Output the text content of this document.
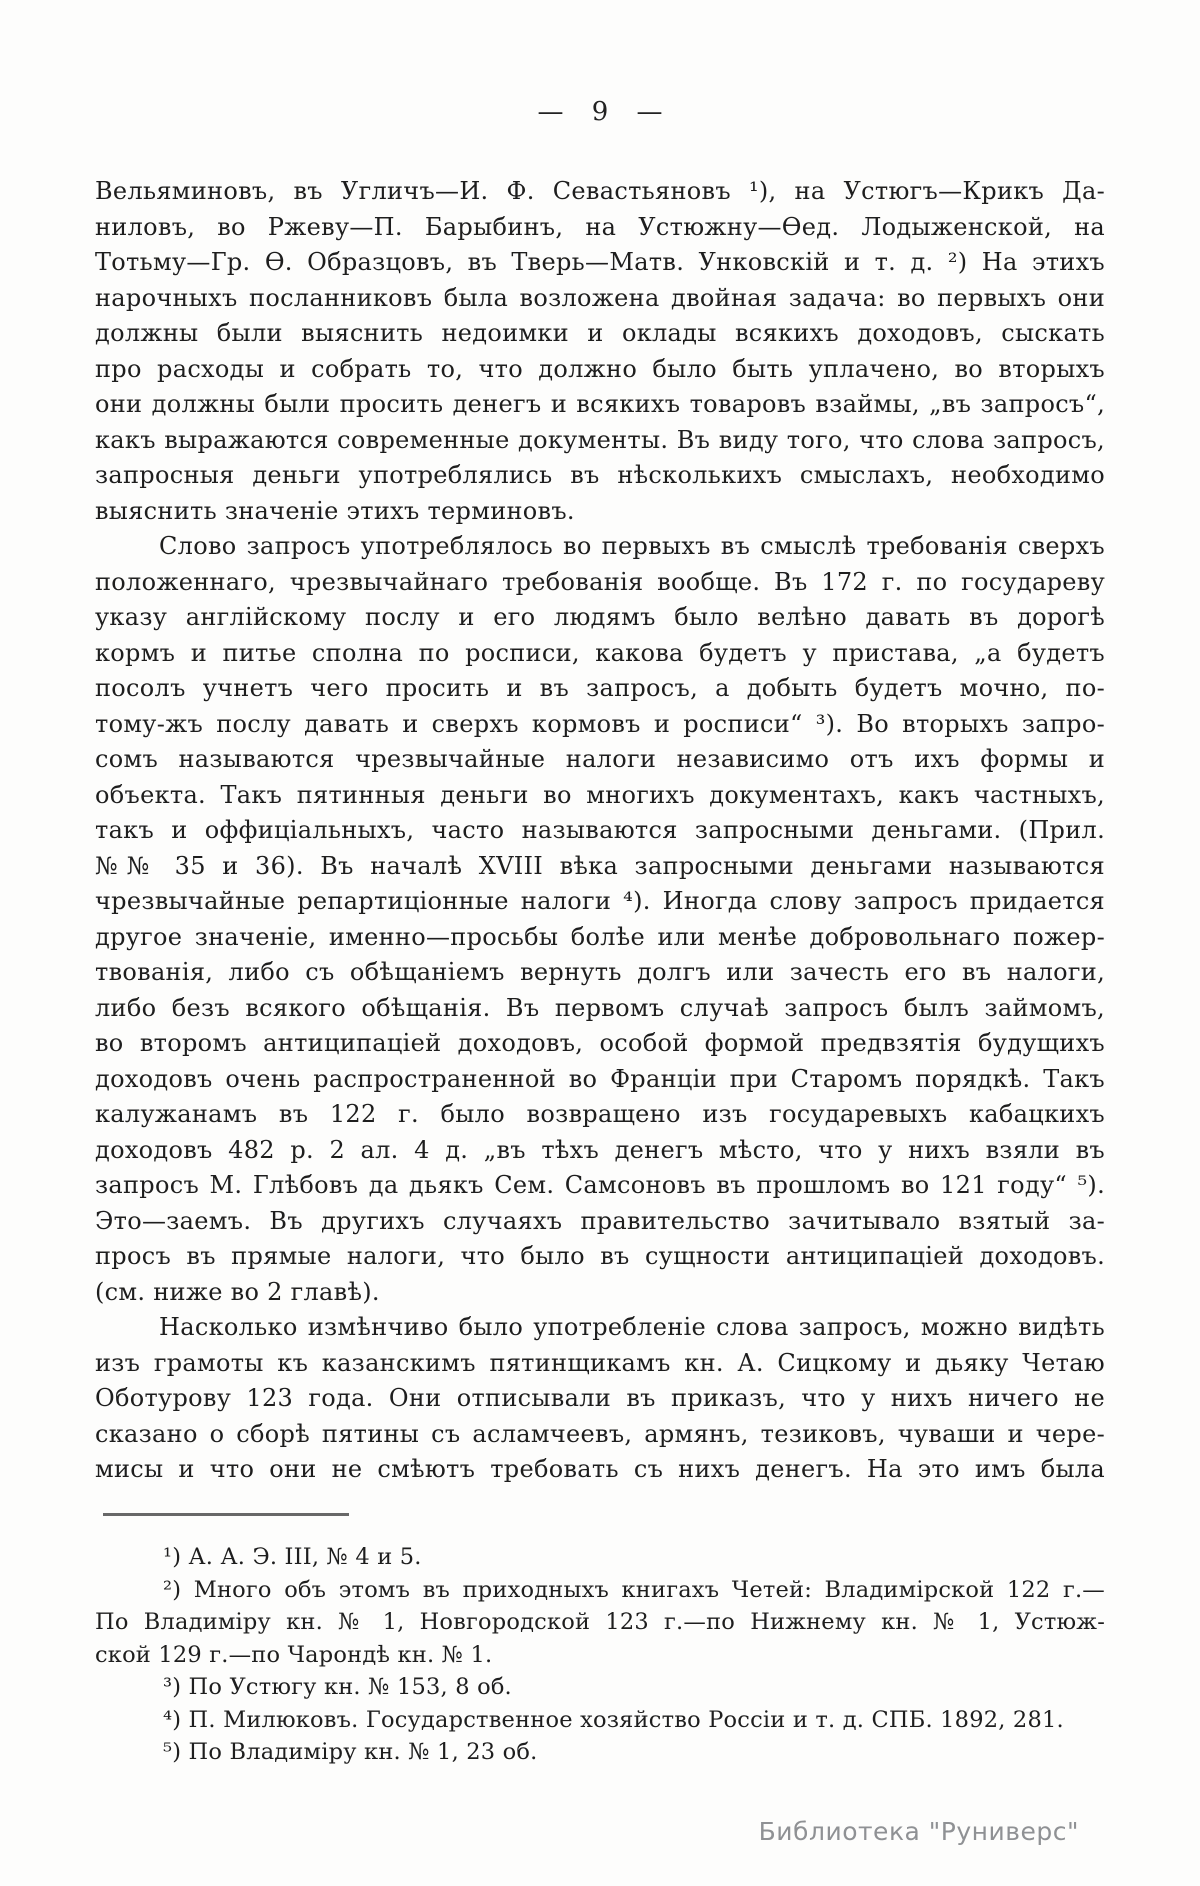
— 9 —
Вельяминовъ, въ Угличъ—И. Ф. Севастьяновъ ¹), на Устюгъ—Крикъ Да-
ниловъ, во Ржеву—П. Барыбинъ, на Устюжну—Ѳед. Лодыженской, на
Тотьму—Гр. Ѳ. Образцовъ, въ Тверь—Матв. Унковскій и т. д. ²) На этихъ
нарочныхъ посланниковъ была возложена двойная задача: во первыхъ они
должны были выяснить недоимки и оклады всякихъ доходовъ, сыскать
про расходы и собрать то, что должно было быть уплачено, во вторыхъ
они должны были просить денегъ и всякихъ товаровъ взаймы, „въ запросъ“,
какъ выражаются современные документы. Въ виду того, что слова запросъ,
запросныя деньги употреблялись въ нѣсколькихъ смыслахъ, необходимо
выяснить значеніе этихъ терминовъ.
Слово запросъ употреблялось во первыхъ въ смыслѣ требованія сверхъ
положеннаго, чрезвычайнаго требованія вообще. Въ 172 г. по государеву
указу англійскому послу и его людямъ было велѣно давать въ дорогѣ
кормъ и питье сполна по росписи, какова будетъ у пристава, „а будетъ
посолъ учнетъ чего просить и въ запросъ, а добыть будетъ мочно, по-
тому-жъ послу давать и сверхъ кормовъ и росписи“ ³). Во вторыхъ запро-
сомъ называются чрезвычайные налоги независимо отъ ихъ формы и
объекта. Такъ пятинныя деньги во многихъ документахъ, какъ частныхъ,
такъ и оффиціальныхъ, часто называются запросными деньгами. (Прил.
№№ 35 и 36). Въ началѣ XVIII вѣка запросными деньгами называются
чрезвычайные репартиціонные налоги ⁴). Иногда слову запросъ придается
другое значеніе, именно—просьбы болѣе или менѣе добровольнаго пожер-
твованія, либо съ обѣщаніемъ вернуть долгъ или зачесть его въ налоги,
либо безъ всякого обѣщанія. Въ первомъ случаѣ запросъ былъ займомъ,
во второмъ антиципаціей доходовъ, особой формой предвзятія будущихъ
доходовъ очень распространенной во Франціи при Старомъ порядкѣ. Такъ
калужанамъ въ 122 г. было возвращено изъ государевыхъ кабацкихъ
доходовъ 482 р. 2 ал. 4 д. „въ тѣхъ денегъ мѣсто, что у нихъ взяли въ
запросъ М. Глѣбовъ да дьякъ Сем. Самсоновъ въ прошломъ во 121 году“ ⁵).
Это—заемъ. Въ другихъ случаяхъ правительство зачитывало взятый за-
просъ въ прямые налоги, что было въ сущности антиципаціей доходовъ.
(см. ниже во 2 главѣ).
Насколько измѣнчиво было употребленіе слова запросъ, можно видѣть
изъ грамоты къ казанскимъ пятинщикамъ кн. А. Сицкому и дьяку Четаю
Оботурову 123 года. Они отписывали въ приказъ, что у нихъ ничего не
сказано о сборѣ пятины съ асламчеевъ, армянъ, тезиковъ, чуваши и чере-
мисы и что они не смѣютъ требовать съ нихъ денегъ. На это имъ была
¹) А. А. Э. III, № 4 и 5.
²) Много объ этомъ въ приходныхъ книгахъ Четей: Владимірской 122 г.—
По Владиміру кн. № 1, Новгородской 123 г.—по Нижнему кн. № 1, Устюж-
ской 129 г.—по Чарондѣ кн. № 1.
³) По Устюгу кн. № 153, 8 об.
⁴) П. Милюковъ. Государственное хозяйство Россіи и т. д. СПБ. 1892, 281.
⁵) По Владиміру кн. № 1, 23 об.
Библиотека "Руниверс"
